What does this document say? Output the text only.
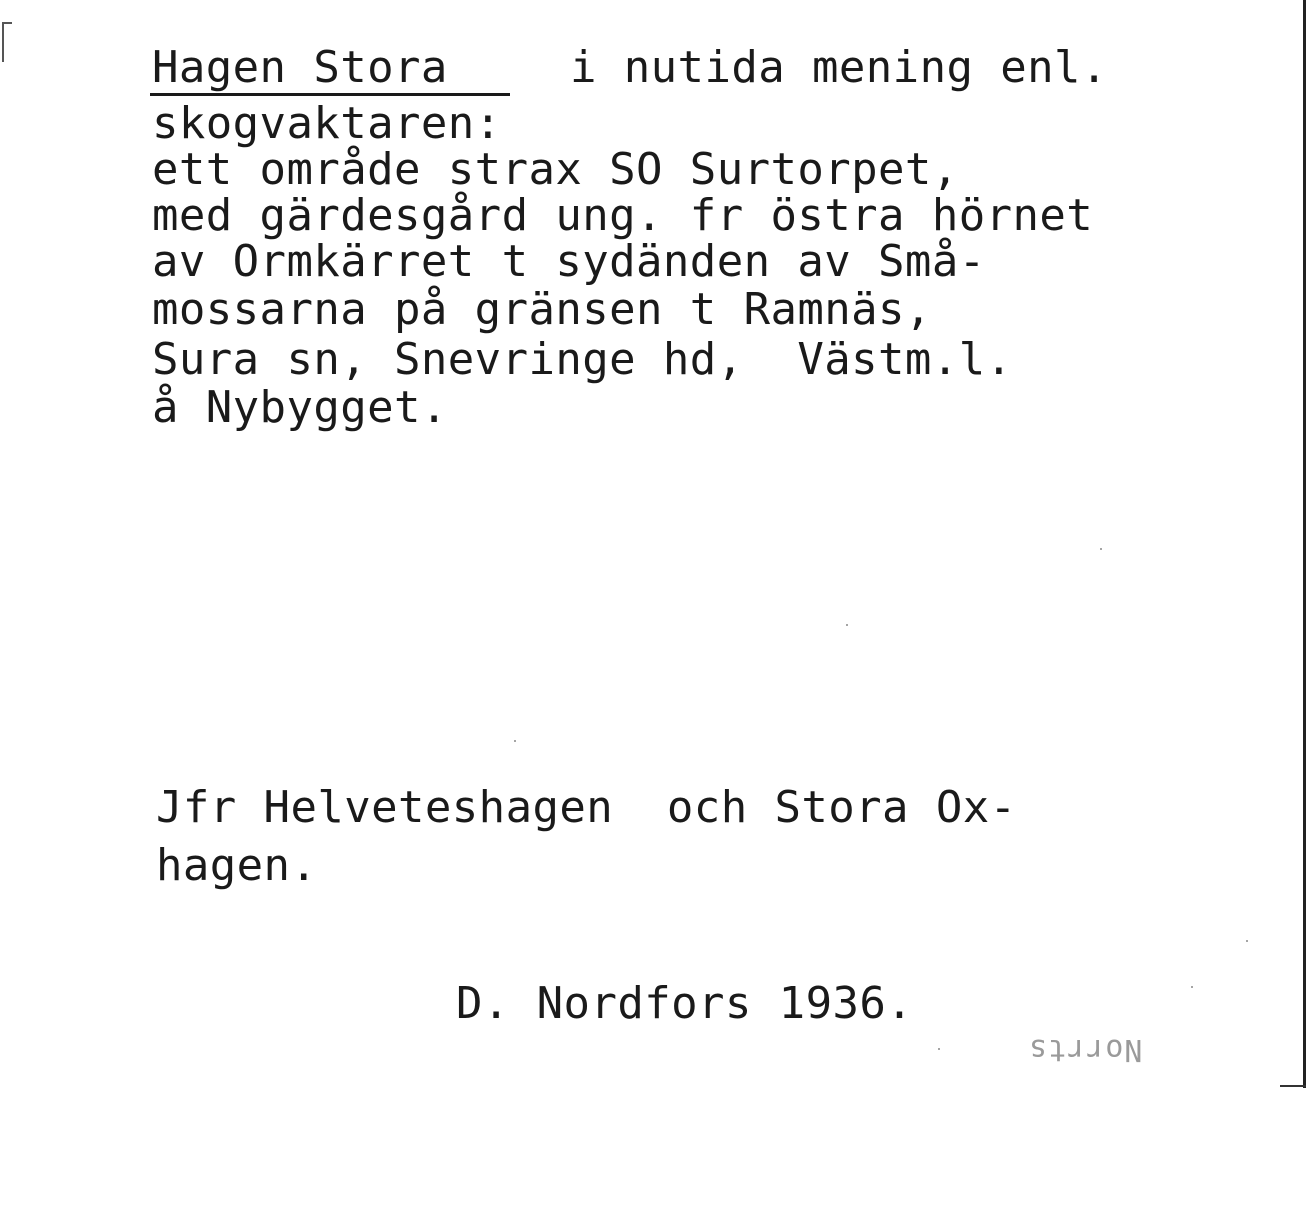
Hagen Stora	i nutida mening enl.
skogvaktaren:
ett område strax SO Surtorpet,
med gärdesgård ung. fr östra hörnet
av Ormkärret t sydänden av Små-
mossarna på gränsen t Ramnäs,
Sura sn, Snevringe hd,  Västm.l.
å Nybygget.
Jfr Helveteshagen  och Stora Ox-
hagen.
D. Nordfors 1936.
Norrts
